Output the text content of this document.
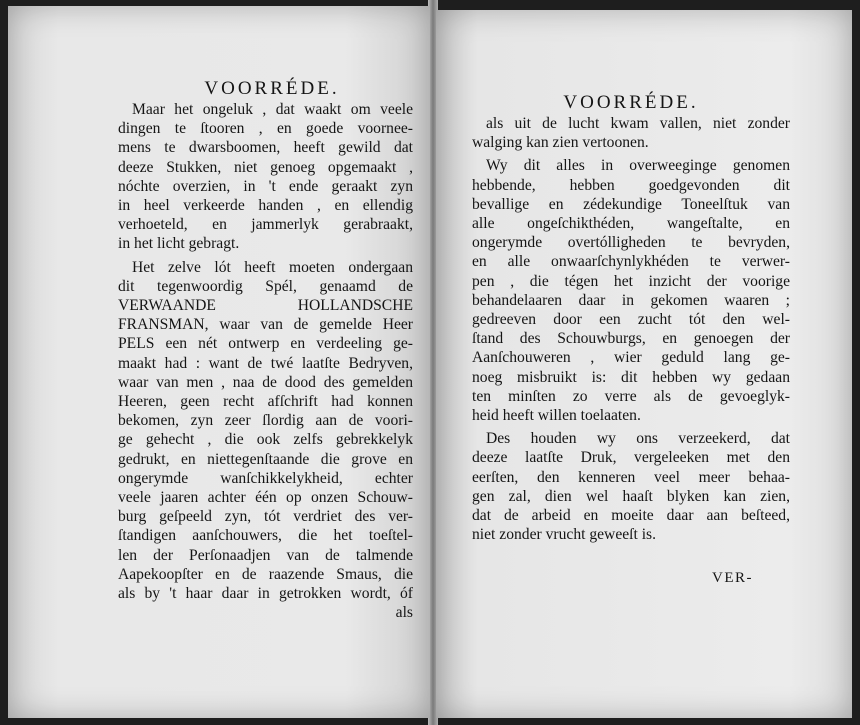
VOORRÉDE.
Maar het ongeluk , dat waakt om veele
dingen te ſtooren , en goede voornee-
mens te dwarsboomen, heeft gewild dat
deeze Stukken, niet genoeg opgemaakt ,
nóchte overzien, in 't ende geraakt zyn
in heel verkeerde handen , en ellendig
verhoeteld, en jammerlyk gerabraakt,
in het licht gebragt.
Het zelve lót heeft moeten ondergaan
dit tegenwoordig Spél, genaamd de
VERWAANDE HOLLANDSCHE
FRANSMAN, waar van de gemelde Heer
PELS een nét ontwerp en verdeeling ge-
maakt had : want de twé laatſte Bedryven,
waar van men , naa de dood des gemelden
Heeren, geen recht afſchrift had konnen
bekomen, zyn zeer ſlordig aan de voori-
ge gehecht , die ook zelfs gebrekkelyk
gedrukt, en niettegenſtaande die grove en
ongerymde wanſchikkelykheid, echter
veele jaaren achter één op onzen Schouw-
burg geſpeeld zyn, tót verdriet des ver-
ſtandigen aanſchouwers, die het toeſtel-
len der Perſonaadjen van de talmende
Aapekoopſter en de raazende Smaus, die
als by 't haar daar in getrokken wordt, óf
als
VOORRÉDE.
als uit de lucht kwam vallen, niet zonder
walging kan zien vertoonen.
Wy dit alles in overweeginge genomen
hebbende, hebben goedgevonden dit
bevallige en zédekundige Toneelſtuk van
alle ongeſchikthéden, wangeſtalte, en
ongerymde overtólligheden te bevryden,
en alle onwaarſchynlykhéden te verwer-
pen , die tégen het inzicht der voorige
behandelaaren daar in gekomen waaren ;
gedreeven door een zucht tót den wel-
ſtand des Schouwburgs, en genoegen der
Aanſchouweren , wier geduld lang ge-
noeg misbruikt is: dit hebben wy gedaan
ten minſten zo verre als de gevoeglyk-
heid heeft willen toelaaten.
Des houden wy ons verzeekerd, dat
deeze laatſte Druk, vergeleeken met den
eerſten, den kenneren veel meer behaa-
gen zal, dien wel haaſt blyken kan zien,
dat de arbeid en moeite daar aan beſteed,
niet zonder vrucht geweeſt is.
VER-
